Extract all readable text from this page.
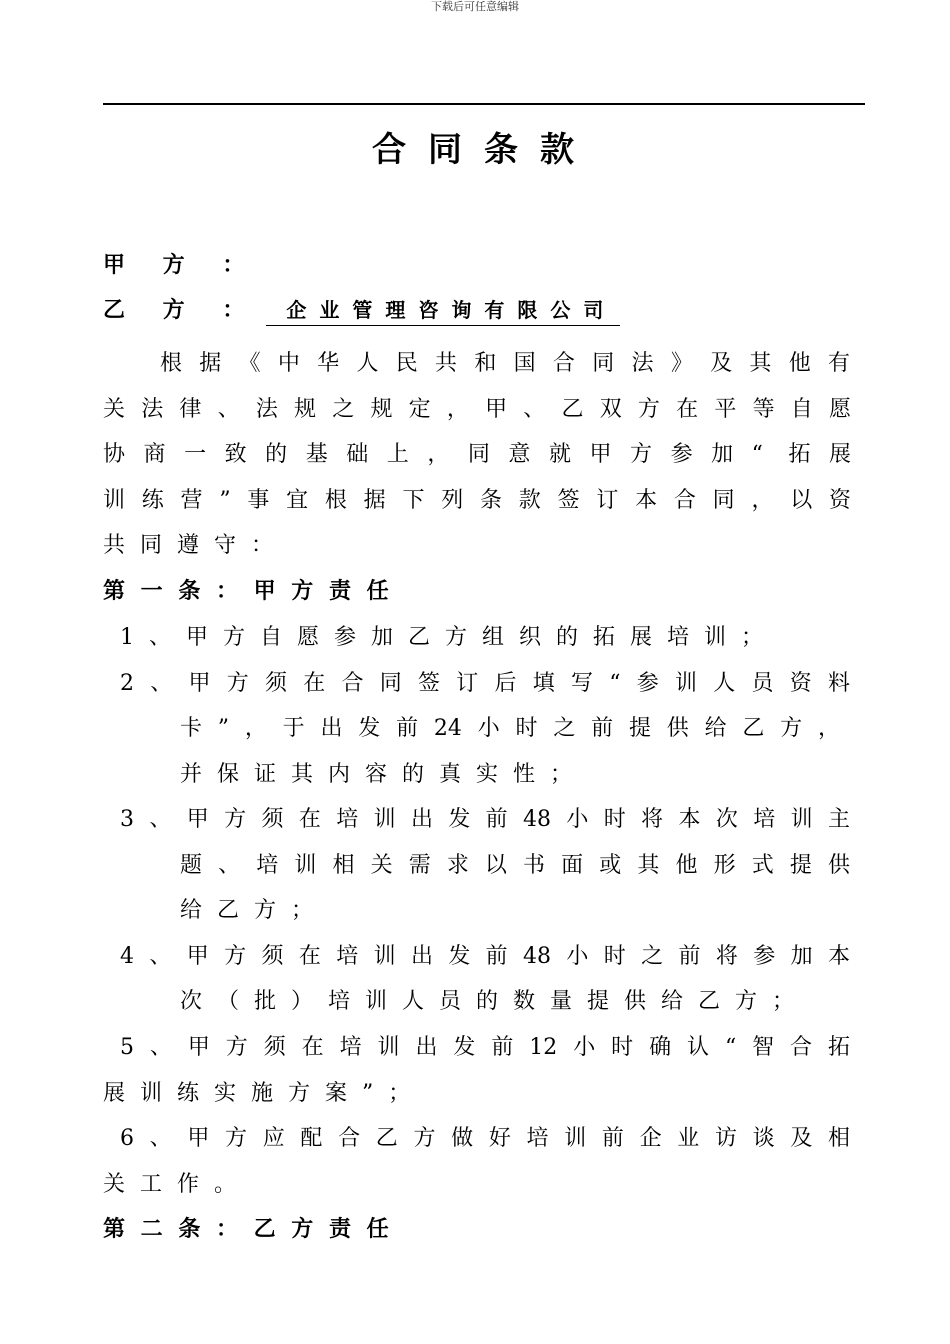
下载后可任意编辑
合同条款
甲 方 ：
乙 方 ： 企业管理咨询有限公司
根据《中华人民共和国合同法》及其他有
关法律、法规之规定，甲、乙双方在平等自愿
协商一致的基础上，同意就甲方参加“ 拓展
训练营”事宜根据下列条款签订本合同，以资
共同遵守：
第 一 条 ： 甲 方 责 任
1、甲方自愿参加乙方组织的拓展培训；
2、甲方须在合同签订后填写“参训人员资料
卡”，于出发前24小时之前提供给乙方，
并保证其内容的真实性；
3、甲方须在培训出发前48小时将本次培训主
题、培训相关需求以书面或其他形式提供
给乙方；
4、甲方须在培训出发前48小时之前将参加本
次（批）培训人员的数量提供给乙方；
5、甲方须在培训出发前12小时确认“智合拓
展训练实施方案”；
6、甲方应配合乙方做好培训前企业访谈及相
关工作。
第 二 条 ： 乙 方 责 任
